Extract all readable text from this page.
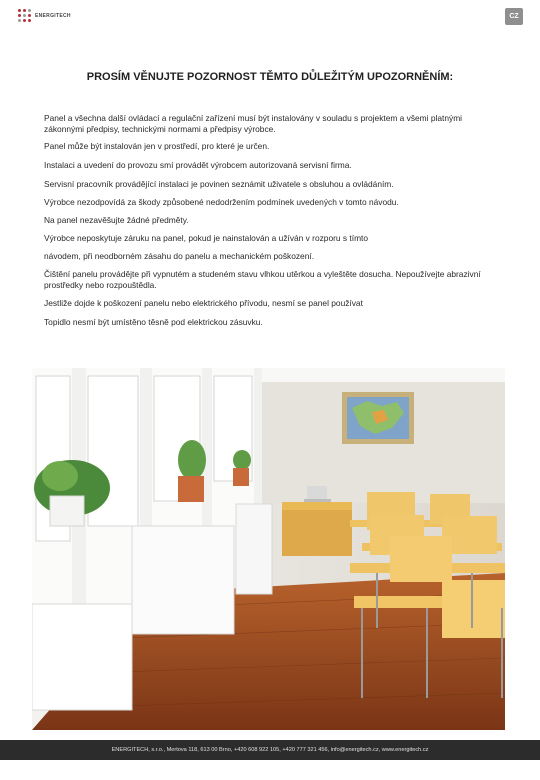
ENERGITECH	CZ
PROSÍM VĚNUJTE POZORNOST TĚMTO DŮLEŽITÝM UPOZORNĚNÍM:
Panel a všechna další ovládací a regulační zařízení musí být instalovány v souladu s projektem a všemi platnými zákonnými předpisy, technickými normami a předpisy výrobce.
Panel může být instalován jen v prostředí, pro které je určen.
Instalaci a uvedení do provozu smí provádět výrobcem autorizovaná servisní firma.
Servisní pracovník provádějící instalaci je povinen seznámit uživatele s obsluhou a ovládáním.
Výrobce nezodpovídá za škody způsobené nedodržením podmínek uvedených v tomto návodu.
Na panel nezavěšujte žádné předměty.
Výrobce neposkytuje záruku na panel, pokud je nainstalován a užíván v rozporu s tímto
návodem, při neodborném zásahu do panelu a mechanickém poškození.
Čištění panelu provádějte při vypnutém a studeném stavu vlhkou utěrkou a vyleštěte dosucha. Nepoužívejte abrazivní prostředky nebo rozpouštědla.
Jestliže dojde k poškození panelu nebo elektrického přívodu, nesmí se panel používat
Topidlo nesmí být umístěno těsně pod elektrickou zásuvku.
ENERGITECH, s.r.o., Mertova 118, 613 00 Brno, +420 608 922 105, +420 777 321 456, info@energitech.cz, www.energitech.cz
